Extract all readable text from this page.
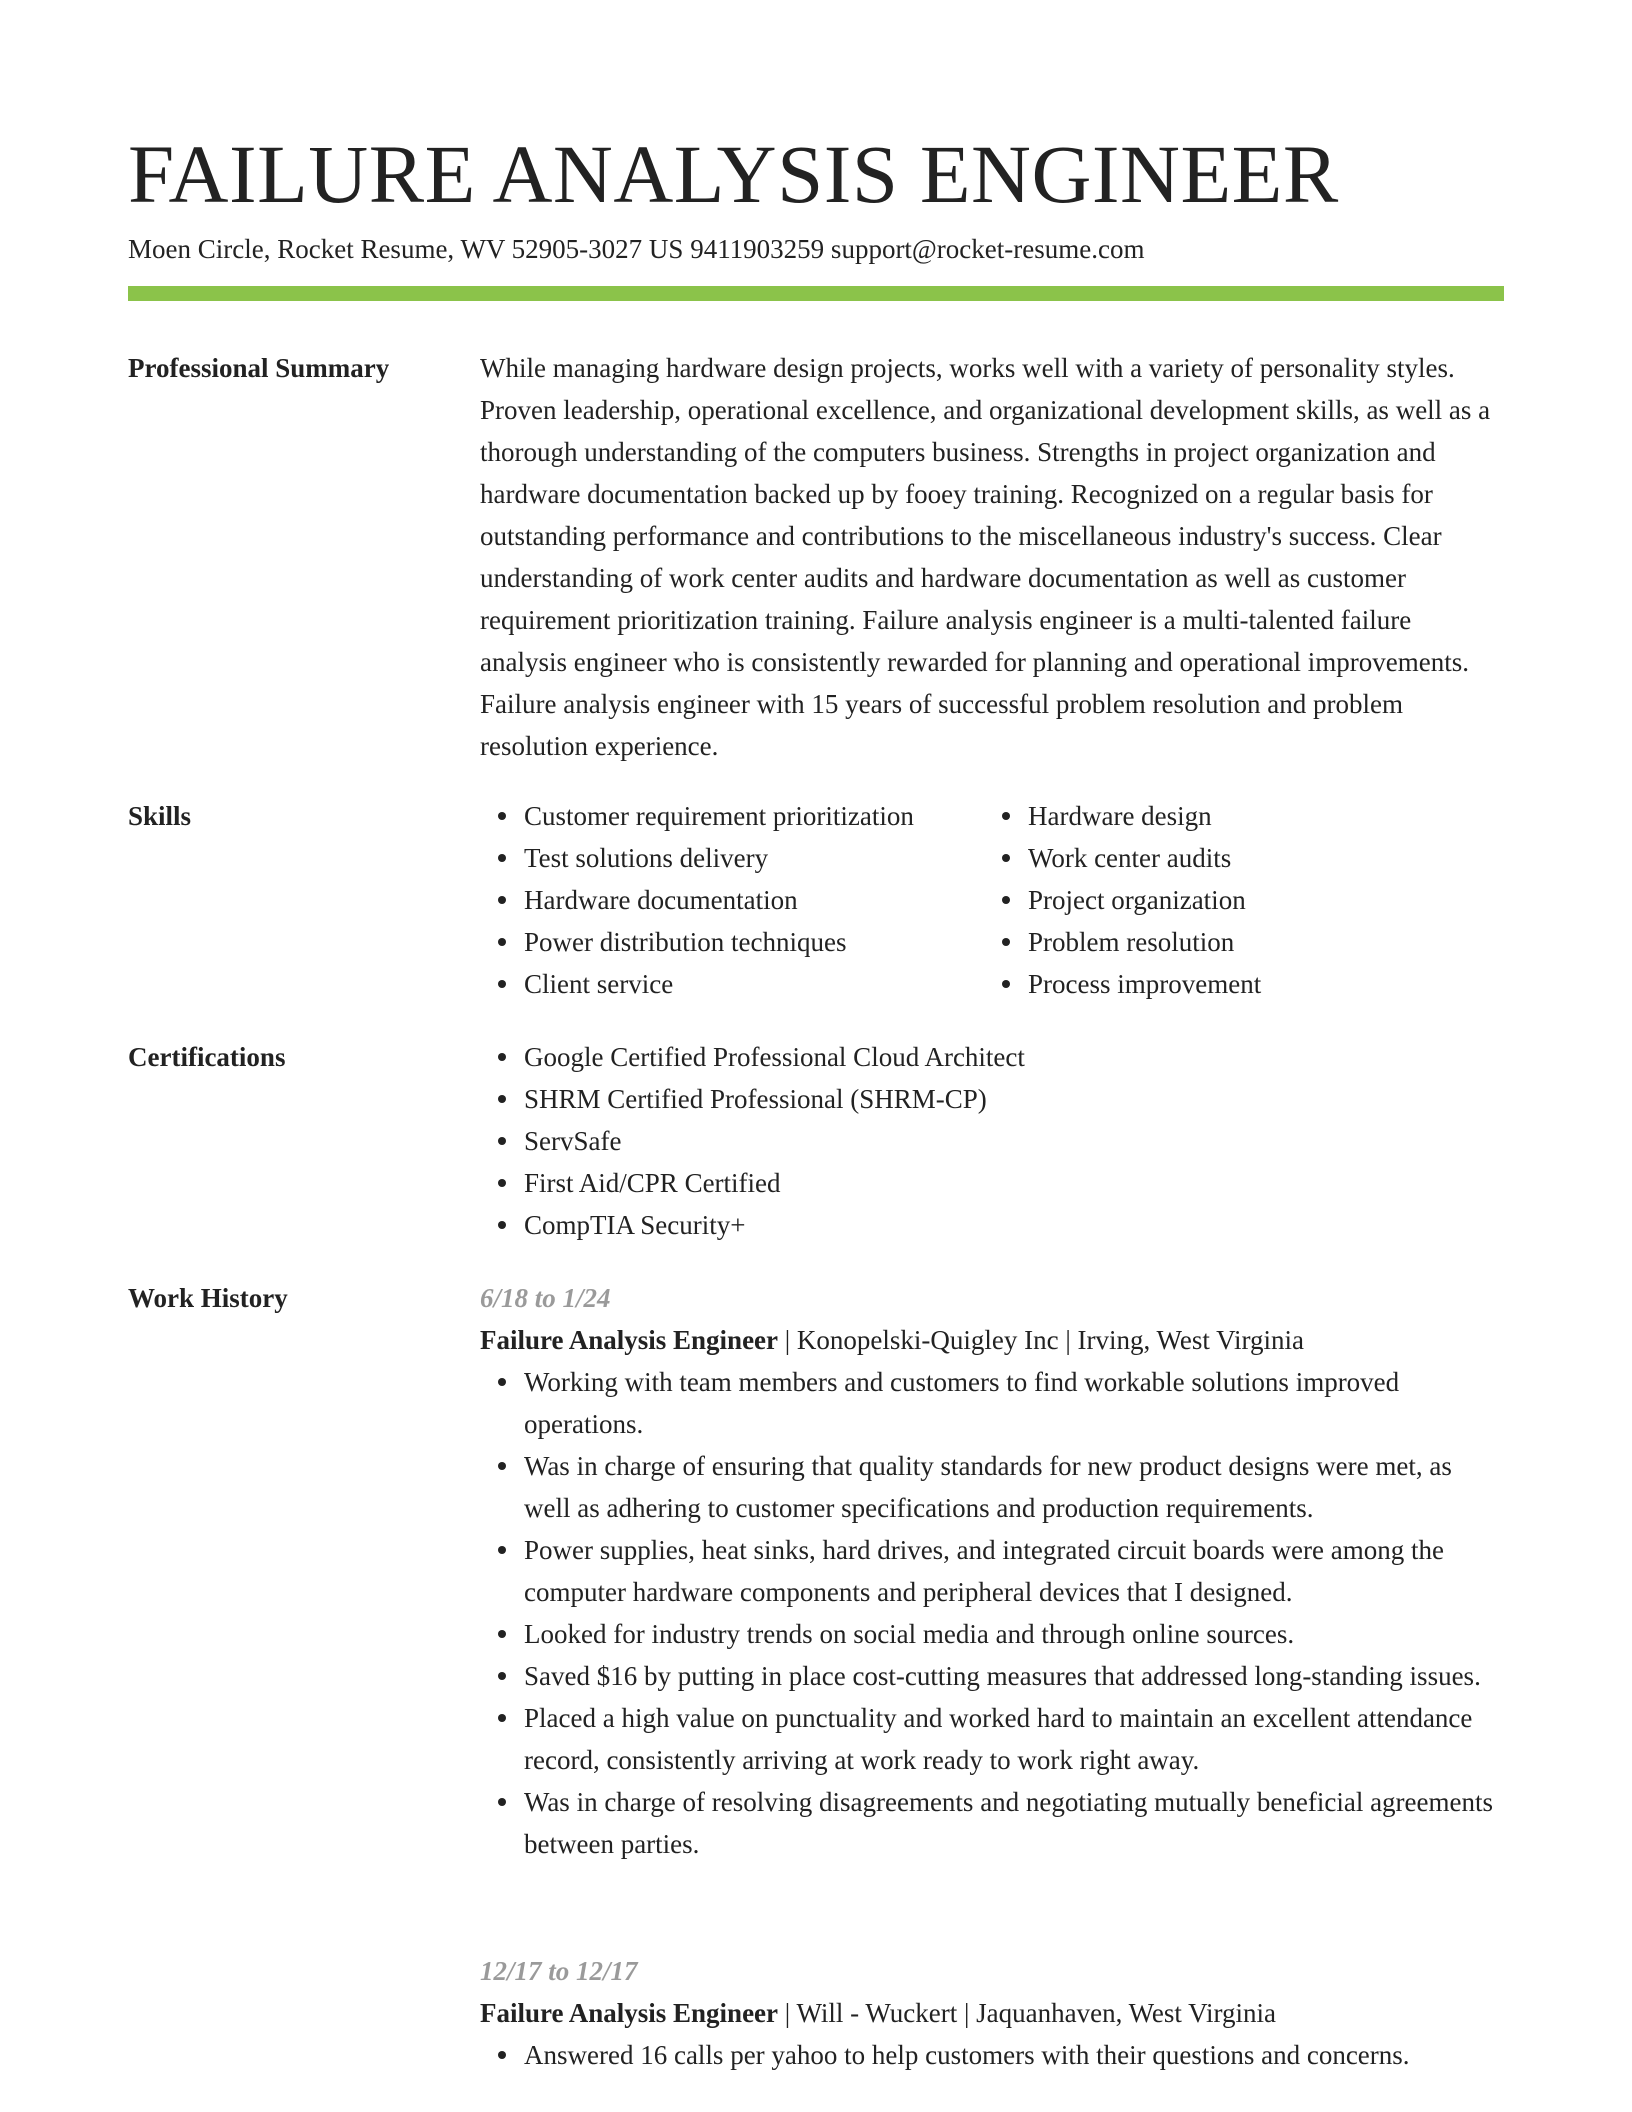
FAILURE ANALYSIS ENGINEER
Moen Circle, Rocket Resume, WV 52905-3027 US 9411903259 support@rocket-resume.com
Professional Summary	While managing hardware design projects, works well with a variety of personality styles. Proven leadership, operational excellence, and organizational development skills, as well as a thorough understanding of the computers business. Strengths in project organization and hardware documentation backed up by fooey training. Recognized on a regular basis for outstanding performance and contributions to the miscellaneous industry's success. Clear understanding of work center audits and hardware documentation as well as customer requirement prioritization training. Failure analysis engineer is a multi-talented failure analysis engineer who is consistently rewarded for planning and operational improvements. Failure analysis engineer with 15 years of successful problem resolution and problem resolution experience.

Skills	Customer requirement prioritization
Test solutions delivery
Hardware documentation
Power distribution techniques
Client service
Hardware design
Work center audits
Project organization
Problem resolution
Process improvement
Certifications	Google Certified Professional Cloud Architect
SHRM Certified Professional (SHRM-CP)
ServSafe
First Aid/CPR Certified
CompTIA Security+
Work History	6/18 to 1/24
Failure Analysis Engineer | Konopelski-Quigley Inc | Irving, West Virginia
Working with team members and customers to find workable solutions improved operations.
Was in charge of ensuring that quality standards for new product designs were met, as well as adhering to customer specifications and production requirements.
Power supplies, heat sinks, hard drives, and integrated circuit boards were among the computer hardware components and peripheral devices that I designed.
Looked for industry trends on social media and through online sources.
Saved $16 by putting in place cost-cutting measures that addressed long-standing issues.
Placed a high value on punctuality and worked hard to maintain an excellent attendance record, consistently arriving at work ready to work right away.
Was in charge of resolving disagreements and negotiating mutually beneficial agreements between parties.
12/17 to 12/17
Failure Analysis Engineer | Will - Wuckert | Jaquanhaven, West Virginia
Answered 16 calls per yahoo to help customers with their questions and concerns.
